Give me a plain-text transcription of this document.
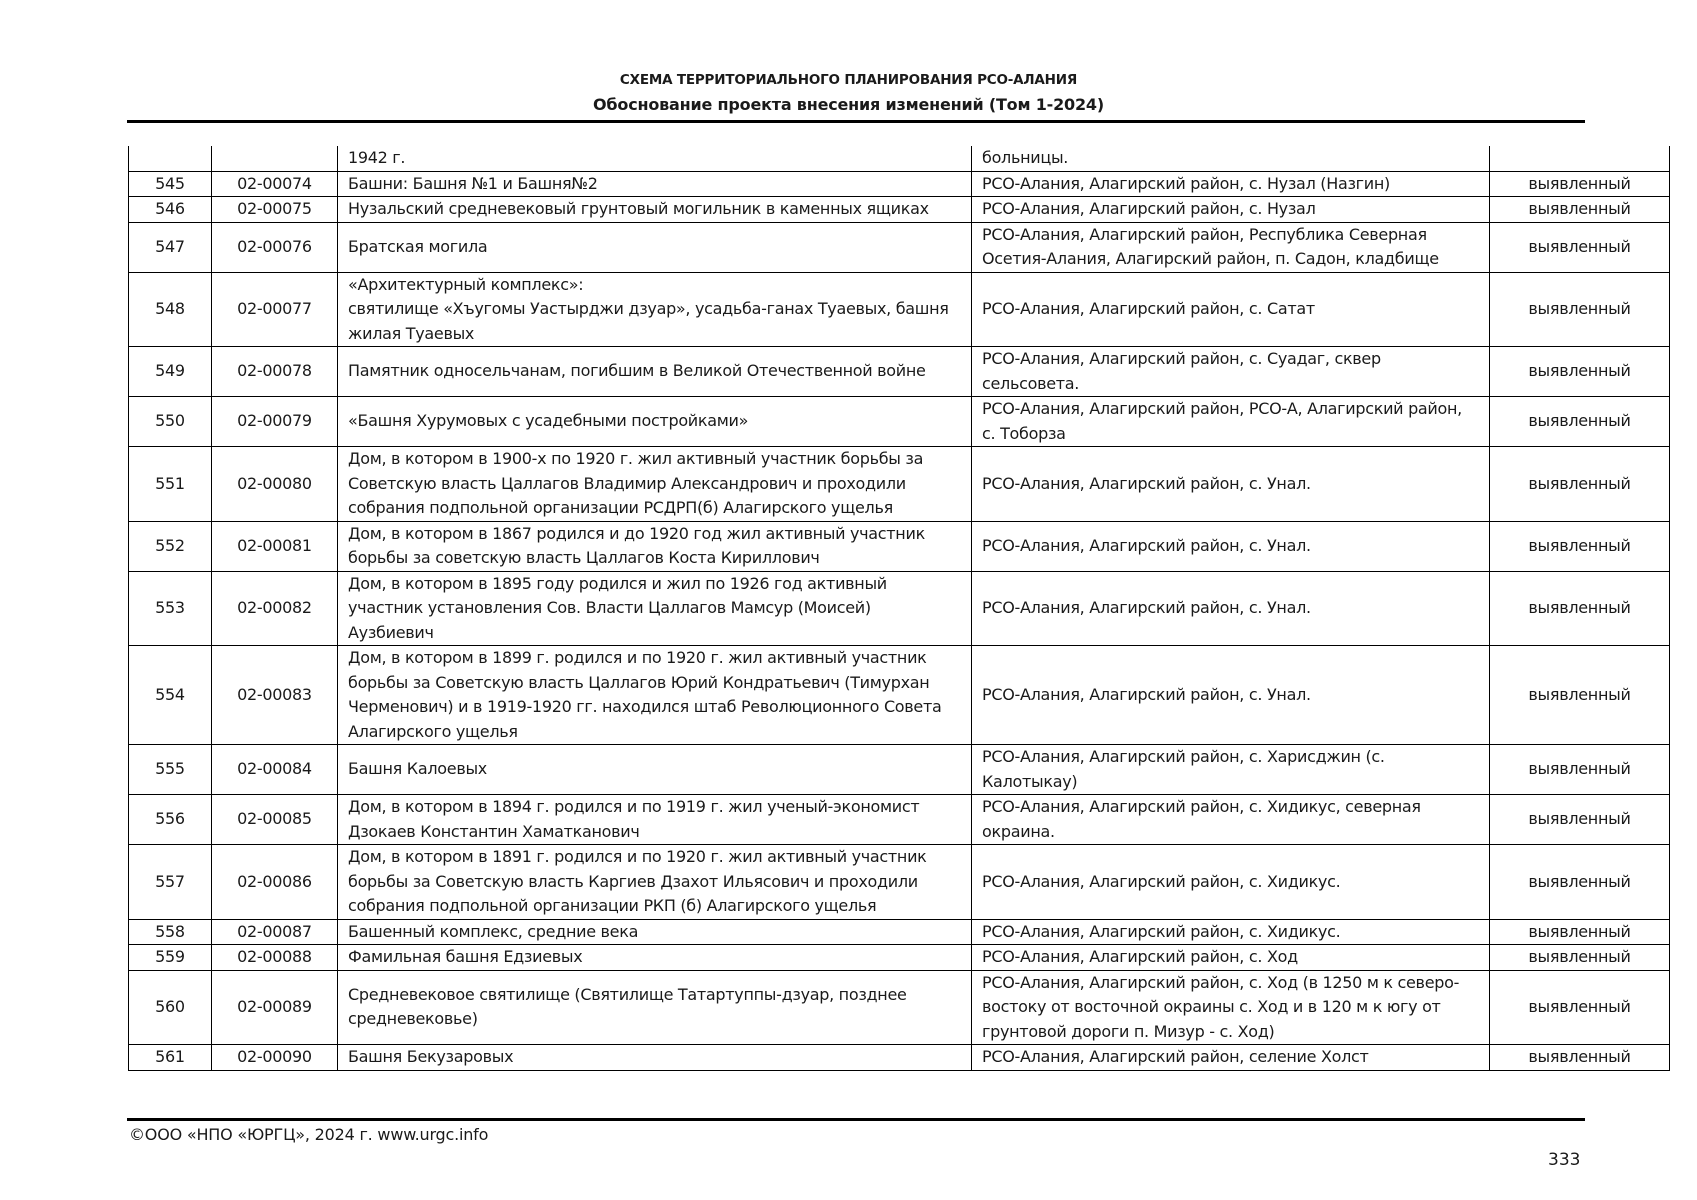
СХЕМА ТЕРРИТОРИАЛЬНОГО ПЛАНИРОВАНИЯ РСО-АЛАНИЯ
Обоснование проекта внесения изменений (Том 1-2024)
		1942 г.	больницы.	
545	02-00074	Башни: Башня №1 и Башня№2	РСО-Алания, Алагирский район, с. Нузал (Назгин)	выявленный
546	02-00075	Нузальский средневековый грунтовый могильник в каменных ящиках	РСО-Алания, Алагирский район, с. Нузал	выявленный
547	02-00076	Братская могила	РСО-Алания, Алагирский район, Республика Северная Осетия-Алания, Алагирский район, п. Садон, кладбище	выявленный
548	02-00077	«Архитектурный комплекс»:
святилище «Хъугомы Уастырджи дзуар», усадьба-ганах Туаевых, башня жилая Туаевых	РСО-Алания, Алагирский район, с. Сатат	выявленный
549	02-00078	Памятник односельчанам, погибшим в Великой Отечественной войне	РСО-Алания, Алагирский район, с. Суадаг, сквер сельсовета.	выявленный
550	02-00079	«Башня Хурумовых с усадебными постройками»	РСО-Алания, Алагирский район, РСО-А, Алагирский район, с. Тоборза	выявленный
551	02-00080	Дом, в котором в 1900-х по 1920 г. жил активный участник борьбы за Советскую власть Цаллагов Владимир Александрович и проходили собрания подпольной организации РСДРП(б) Алагирского ущелья	РСО-Алания, Алагирский район, с. Унал.	выявленный
552	02-00081	Дом, в котором в 1867 родился и до 1920 год жил активный участник борьбы за советскую власть Цаллагов Коста Кириллович	РСО-Алания, Алагирский район, с. Унал.	выявленный
553	02-00082	Дом, в котором в 1895 году родился и жил по 1926 год активный участник установления Сов. Власти Цаллагов Мамсур (Моисей) Аузбиевич	РСО-Алания, Алагирский район, с. Унал.	выявленный
554	02-00083	Дом, в котором в 1899 г. родился и по 1920 г. жил активный участник борьбы за Советскую власть Цаллагов Юрий Кондратьевич (Тимурхан Черменович) и в 1919-1920 гг. находился штаб Революционного Совета Алагирского ущелья	РСО-Алания, Алагирский район, с. Унал.	выявленный
555	02-00084	Башня Калоевых	РСО-Алания, Алагирский район, с. Харисджин (с. Калотыкау)	выявленный
556	02-00085	Дом, в котором в 1894 г. родился и по 1919 г. жил ученый-экономист Дзокаев Константин Хаматканович	РСО-Алания, Алагирский район, с. Хидикус, северная окраина.	выявленный
557	02-00086	Дом, в котором в 1891 г. родился и по 1920 г. жил активный участник борьбы за Советскую власть Каргиев Дзахот Ильясович и проходили собрания подпольной организации РКП (б) Алагирского ущелья	РСО-Алания, Алагирский район, с. Хидикус.	выявленный
558	02-00087	Башенный комплекс, средние века	РСО-Алания, Алагирский район, с. Хидикус.	выявленный
559	02-00088	Фамильная башня Едзиевых	РСО-Алания, Алагирский район, с. Ход	выявленный
560	02-00089	Средневековое святилище (Святилище Татартуппы-дзуар, позднее средневековье)	РСО-Алания, Алагирский район, с. Ход (в 1250 м к северо-востоку от восточной окраины с. Ход и в 120 м к югу от грунтовой дороги п. Мизур - с. Ход)	выявленный
561	02-00090	Башня Бекузаровых	РСО-Алания, Алагирский район, селение Холст	выявленный
©ООО «НПО «ЮРГЦ», 2024 г. www.urgc.info
333
